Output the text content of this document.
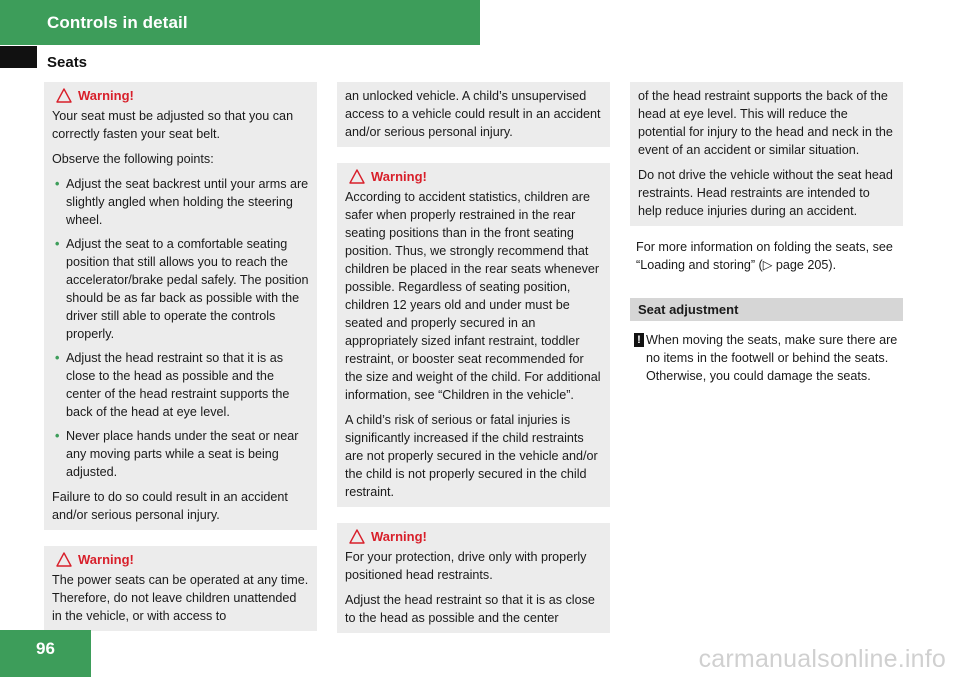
Controls in detail
Seats
Warning!

Your seat must be adjusted so that you can correctly fasten your seat belt.

Observe the following points:

• Adjust the seat backrest until your arms are slightly angled when holding the steering wheel.
• Adjust the seat to a comfortable seating position that still allows you to reach the accelerator/brake pedal safely. The position should be as far back as possible with the driver still able to operate the controls properly.
• Adjust the head restraint so that it is as close to the head as possible and the center of the head restraint supports the back of the head at eye level.
• Never place hands under the seat or near any moving parts while a seat is being adjusted.

Failure to do so could result in an accident and/or serious personal injury.

Warning!

The power seats can be operated at any time. Therefore, do not leave children unattended in the vehicle, or with access to

an unlocked vehicle. A child’s unsupervised access to a vehicle could result in an accident and/or serious personal injury.

Warning!

According to accident statistics, children are safer when properly restrained in the rear seating positions than in the front seating position. Thus, we strongly recommend that children be placed in the rear seats whenever possible. Regardless of seating position, children 12 years old and under must be seated and properly secured in an appropriately sized infant restraint, toddler restraint, or booster seat recommended for the size and weight of the child. For additional information, see “Children in the vehicle”.

A child’s risk of serious or fatal injuries is significantly increased if the child restraints are not properly secured in the vehicle and/or the child is not properly secured in the child restraint.

Warning!

For your protection, drive only with properly positioned head restraints.

Adjust the head restraint so that it is as close to the head as possible and the center

of the head restraint supports the back of the head at eye level. This will reduce the potential for injury to the head and neck in the event of an accident or similar situation.

Do not drive the vehicle without the seat head restraints. Head restraints are intended to help reduce injuries during an accident.

For more information on folding the seats, see “Loading and storing” (▷ page 205).

Seat adjustment
! When moving the seats, make sure there are no items in the footwell or behind the seats. Otherwise, you could damage the seats.
96	carmanualsonline.info
